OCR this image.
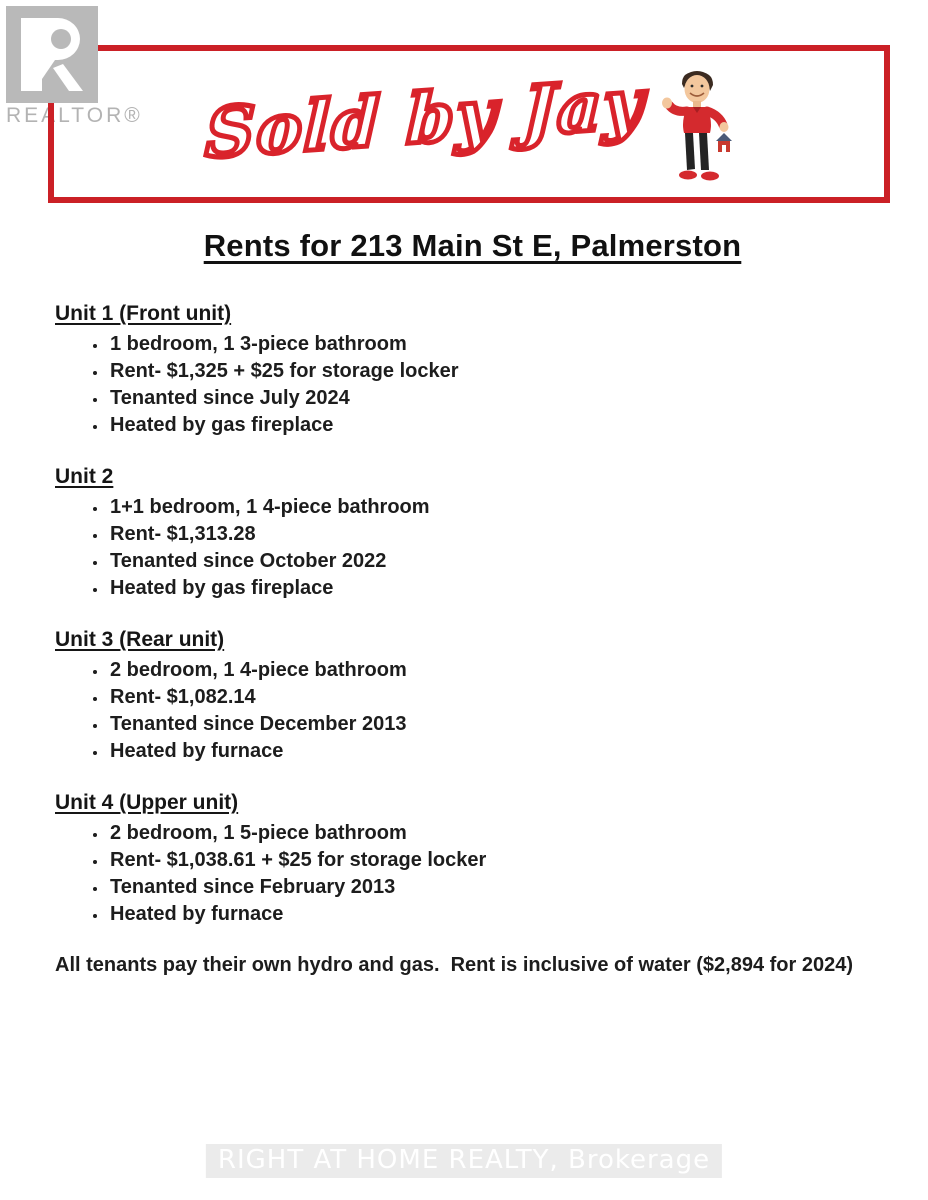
REALTOR® Sold by Jay
Rents for 213 Main St E, Palmerston
Unit 1 (Front unit)
• 1 bedroom, 1 3-piece bathroom
• Rent- $1,325 + $25 for storage locker
• Tenanted since July 2024
• Heated by gas fireplace
Unit 2
• 1+1 bedroom, 1 4-piece bathroom
• Rent- $1,313.28
• Tenanted since October 2022
• Heated by gas fireplace
Unit 3 (Rear unit)
• 2 bedroom, 1 4-piece bathroom
• Rent- $1,082.14
• Tenanted since December 2013
• Heated by furnace
Unit 4 (Upper unit)
• 2 bedroom, 1 5-piece bathroom
• Rent- $1,038.61 + $25 for storage locker
• Tenanted since February 2013
• Heated by furnace
All tenants pay their own hydro and gas.  Rent is inclusive of water ($2,894 for 2024)
RIGHT AT HOME REALTY, Brokerage
